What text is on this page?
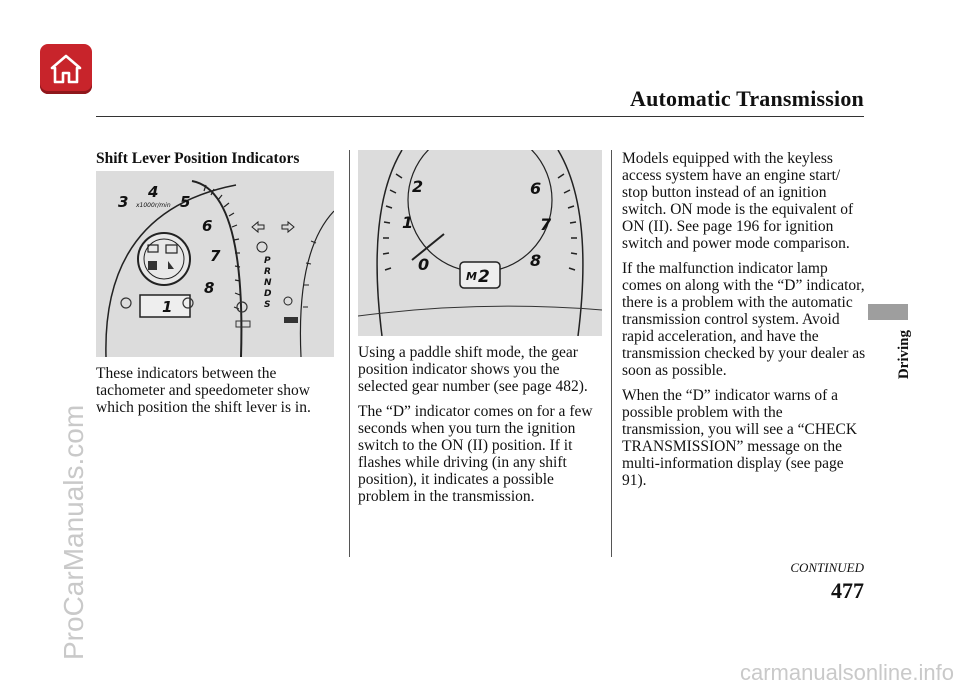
Automatic Transmission
Driving
ProCarManuals.com
carmanualsonline.info
Shift Lever Position Indicators
3
4
5
6
7
8
x1000r/min
1
P
R
N
D
S

These indicators between the tachometer and speedometer show which position the shift lever is in.

0
1
2	6
7
8
M 2

Using a paddle shift mode, the gear position indicator shows you the selected gear number (see page 482).

The “D” indicator comes on for a few seconds when you turn the ignition switch to the ON (II) position. If it flashes while driving (in any shift position), it indicates a possible problem in the transmission.

Models equipped with the keyless access system have an engine start/ stop button instead of an ignition switch. ON mode is the equivalent of ON (II). See page 196 for ignition switch and power mode comparison.

If the malfunction indicator lamp comes on along with the “D” indicator, there is a problem with the automatic transmission control system. Avoid rapid acceleration, and have the transmission checked by your dealer as soon as possible.

When the “D” indicator warns of a possible problem with the transmission, you will see a “CHECK TRANSMISSION” message on the multi-information display (see page 91).

CONTINUED
477
